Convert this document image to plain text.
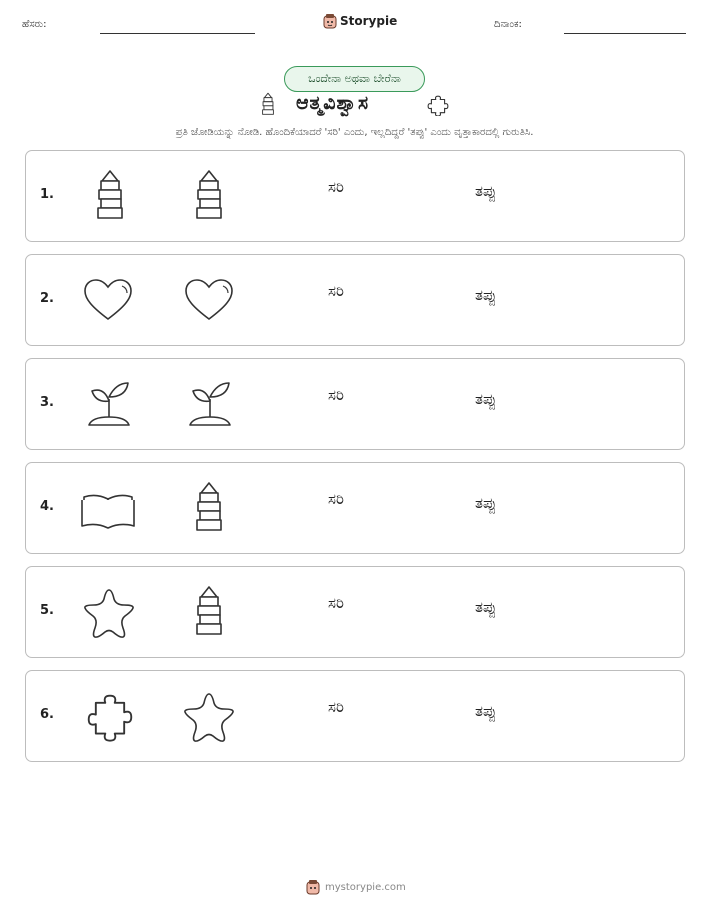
ಹೆಸರು:	Storypie	ದಿನಾಂಕ:
ಒಂದೇನಾ ಅಥವಾ ಬೇರೆನಾ
ಆತ್ಮವಿಶ್ವಾಸ
ಪ್ರತಿ ಜೋಡಿಯನ್ನು ನೋಡಿ. ಹೊಂದಿಕೆಯಾದರೆ 'ಸರಿ' ಎಂದು, ಇಲ್ಲದಿದ್ದರೆ 'ತಪ್ಪು' ಎಂದು ವೃತ್ತಾಕಾರದಲ್ಲಿ ಗುರುತಿಸಿ.
1.	ಸರಿ	ತಪ್ಪು
2.	ಸರಿ	ತಪ್ಪು
3.	ಸರಿ	ತಪ್ಪು
4.	ಸರಿ	ತಪ್ಪು
5.	ಸರಿ	ತಪ್ಪು
6.	ಸರಿ	ತಪ್ಪು
mystorypie.com
